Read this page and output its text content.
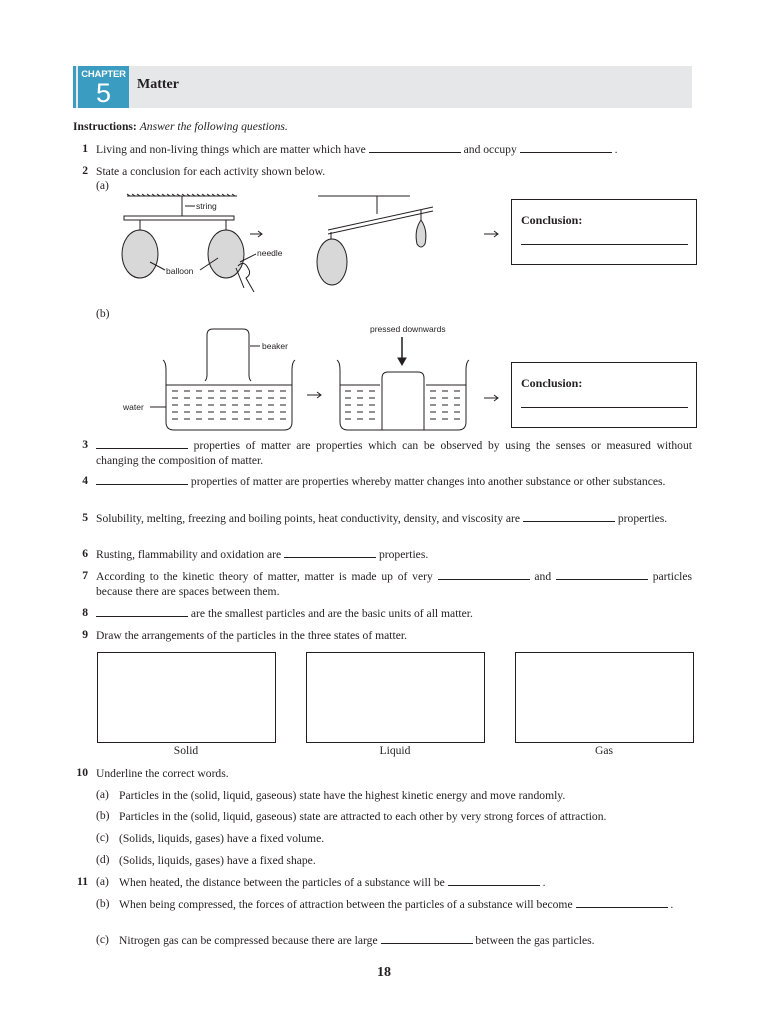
CHAPTER
5	Matter
Instructions: Answer the following questions.
1 Living and non-living things which are matter which have	and occupy	.
2 State a conclusion for each activity shown below.
(a)
(b)
string
needle
balloon
beaker
water
pressed downwards
Conclusion:
Conclusion:
3	properties of matter are properties which can be observed by using the senses or measured without changing the composition of matter.
4	properties of matter are properties whereby matter changes into another substance or other substances.
5 Solubility, melting, freezing and boiling points, heat conductivity, density, and viscosity are	properties.
6 Rusting, flammability and oxidation are	properties.
7 According to the kinetic theory of matter, matter is made up of very	and	particles because there are spaces between them.
8	are the smallest particles and are the basic units of all matter.
9 Draw the arrangements of the particles in the three states of matter.
Solid	Liquid	Gas
10 Underline the correct words.
(a) Particles in the (solid, liquid, gaseous) state have the highest kinetic energy and move randomly.
(b) Particles in the (solid, liquid, gaseous) state are attracted to each other by very strong forces of attraction.
(c) (Solids, liquids, gases) have a fixed volume.
(d) (Solids, liquids, gases) have a fixed shape.
11 (a) When heated, the distance between the particles of a substance will be	.
(b) When being compressed, the forces of attraction between the particles of a substance will become	.
(c) Nitrogen gas can be compressed because there are large	between the gas particles.
18
